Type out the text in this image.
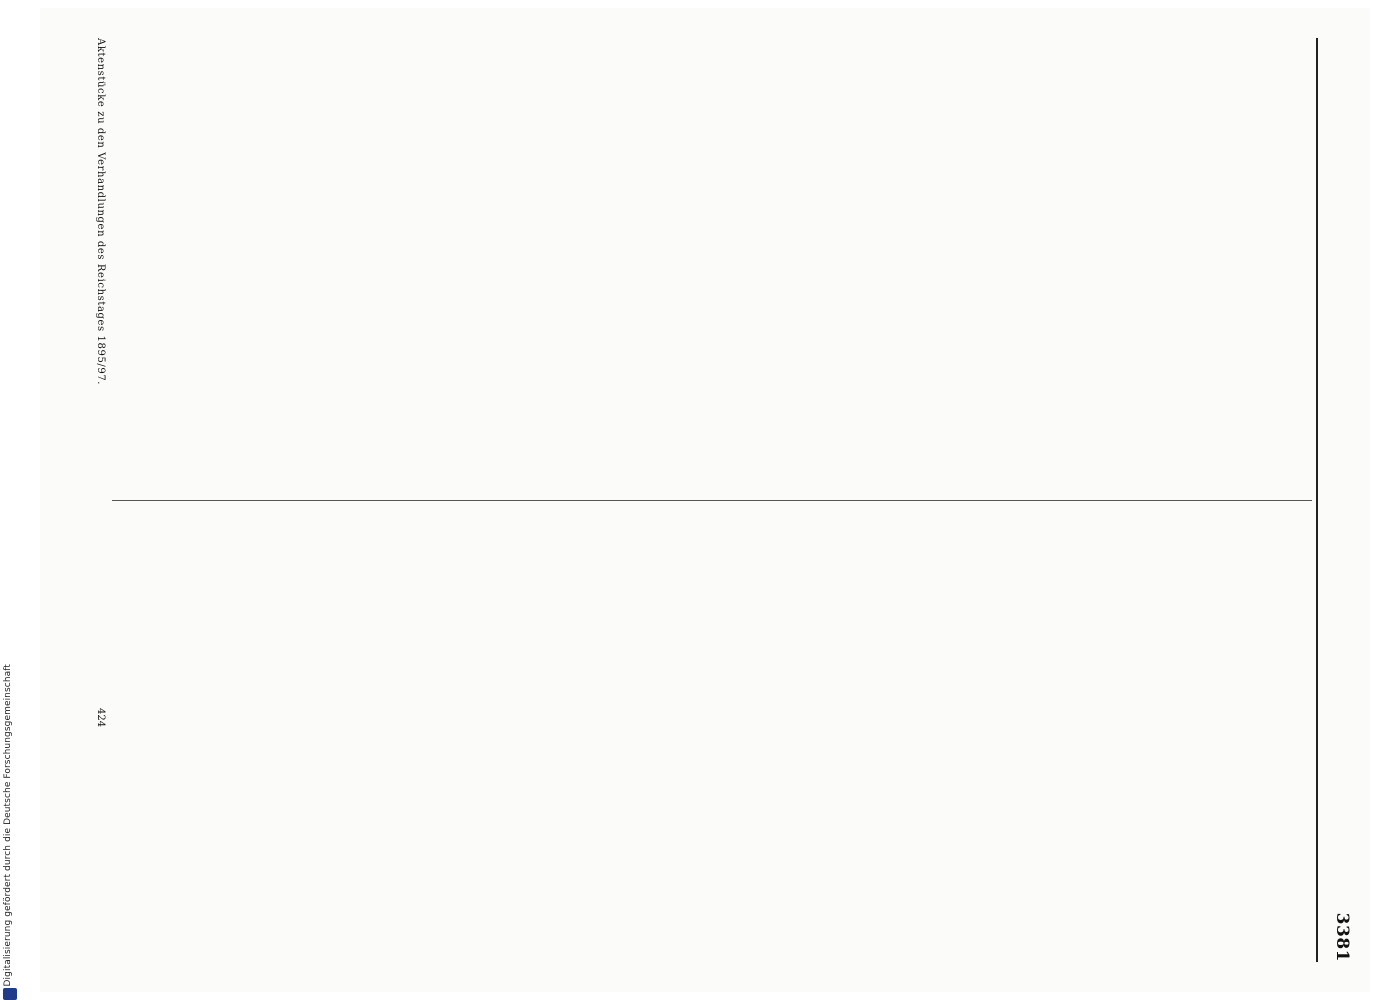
Digitalisierung gefördert durch die Deutsche Forschungsgemeinschaft	3381
Aktenstücke zu den Verhandlungen des Reichstages 1895/97.
424
